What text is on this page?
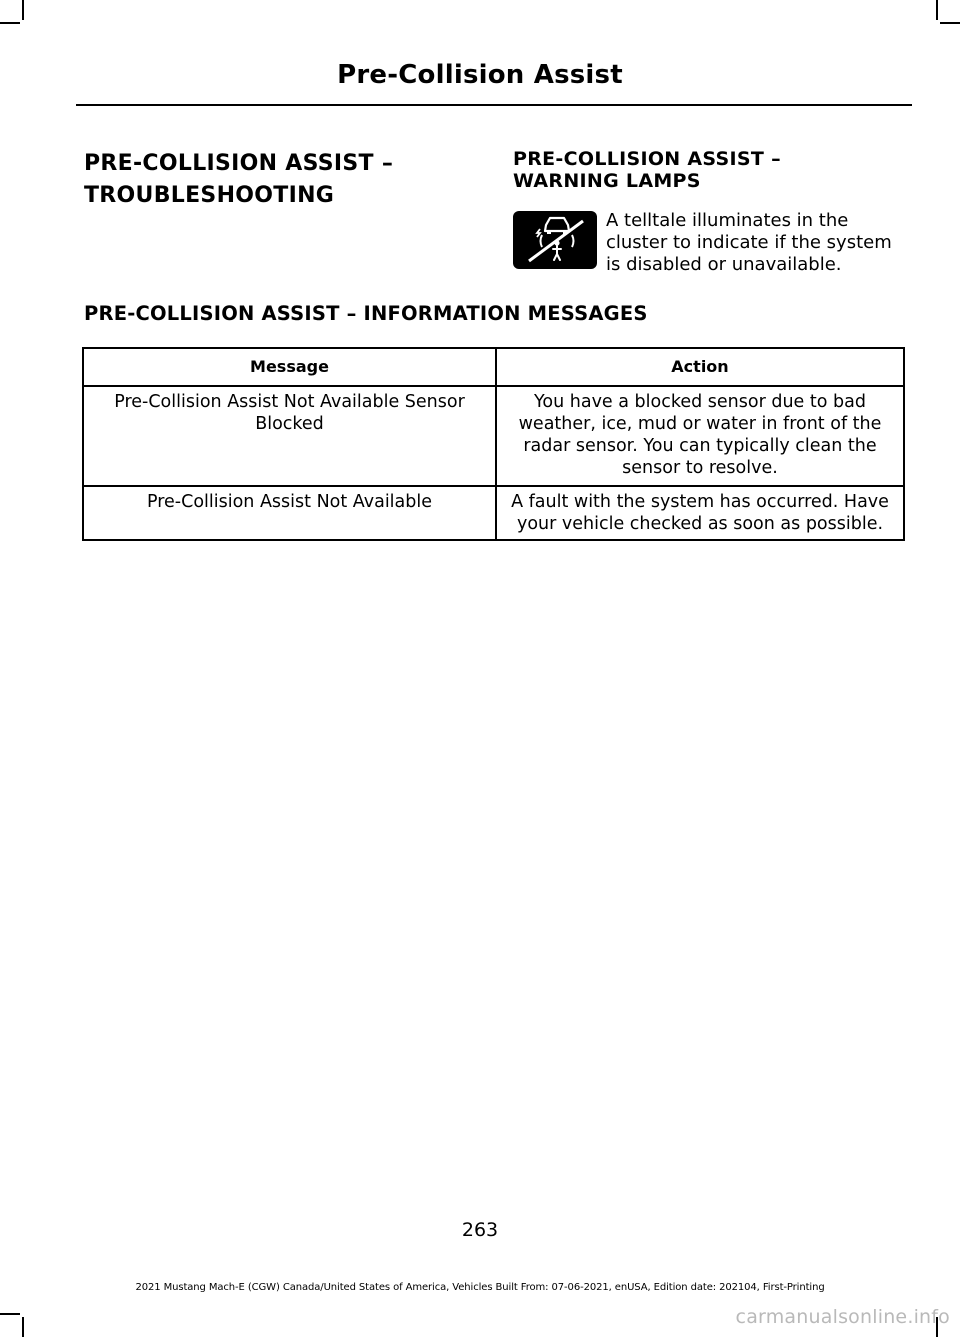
Pre-Collision Assist
PRE-COLLISION ASSIST –
TROUBLESHOOTING
PRE-COLLISION ASSIST –
WARNING LAMPS
A telltale illuminates in the cluster to indicate if the system is disabled or unavailable.
PRE-COLLISION ASSIST – INFORMATION MESSAGES
Message	Action
Pre-Collision Assist Not Available Sensor Blocked	You have a blocked sensor due to bad weather, ice, mud or water in front of the radar sensor. You can typically clean the sensor to resolve.
Pre-Collision Assist Not Available	A fault with the system has occurred. Have your vehicle checked as soon as possible.
263
2021 Mustang Mach-E (CGW) Canada/United States of America, Vehicles Built From: 07-06-2021, enUSA, Edition date: 202104, First-Printing
carmanualsonline.info
